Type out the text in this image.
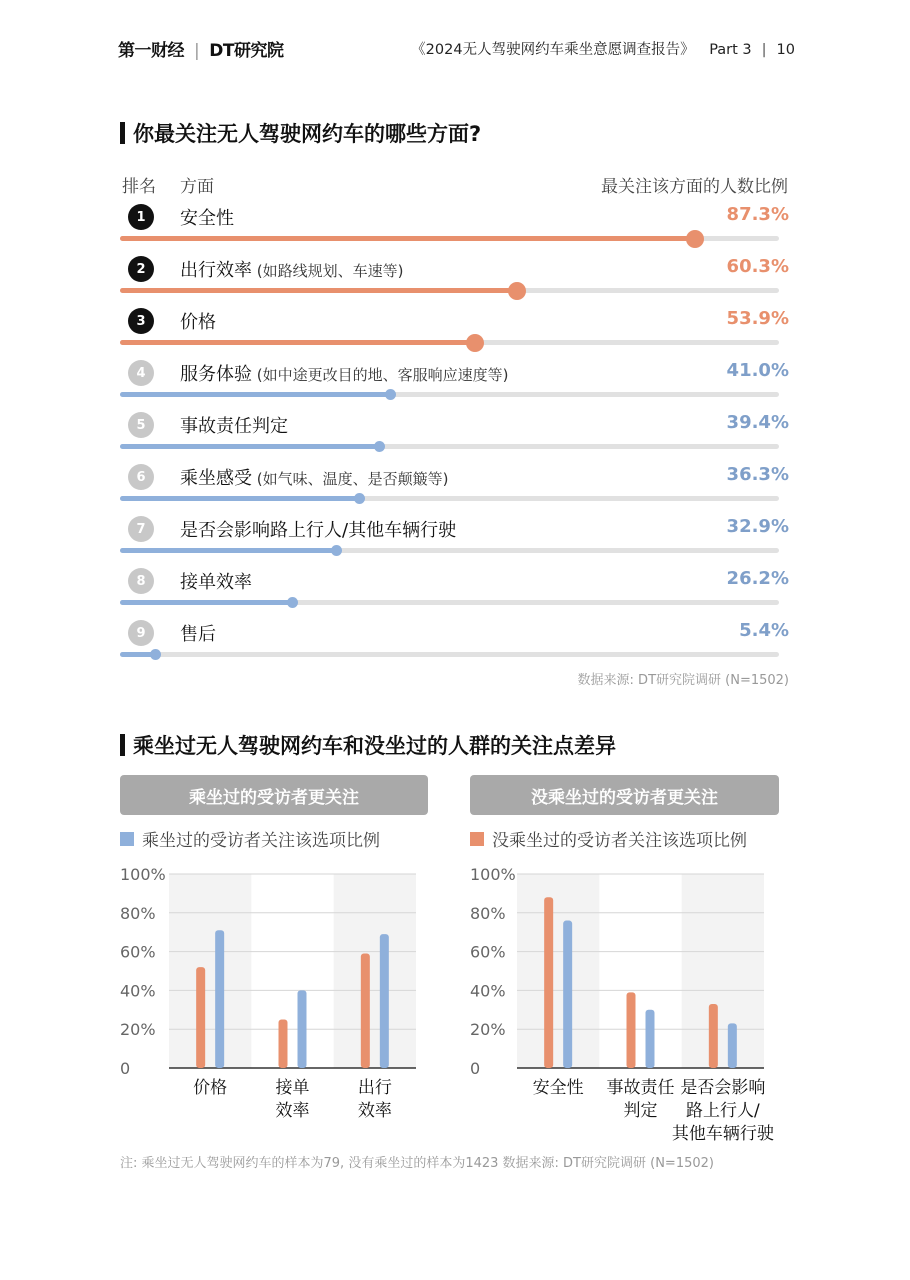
第一财经 | DT研究院	《2024无人驾驶网约车乘坐意愿调查报告》 Part 3 | 10
你最关注无人驾驶网约车的哪些方面?
排名 方面	最关注该方面的人数比例
1	安全性	87.3%
2	出行效率 (如路线规划、车速等)	60.3%
3	价格	53.9%
4	服务体验 (如中途更改目的地、客服响应速度等)	41.0%
5	事故责任判定	39.4%
6	乘坐感受 (如气味、温度、是否颠簸等)	36.3%
7	是否会影响路上行人/其他车辆行驶	32.9%
8	接单效率	26.2%
9	售后	5.4%
数据来源: DT研究院调研 (N=1502)
乘坐过无人驾驶网约车和没坐过的人群的关注点差异
乘坐过的受访者更关注	没乘坐过的受访者更关注
乘坐过的受访者关注该选项比例	没乘坐过的受访者关注该选项比例
100%
80%
60%
40%
20%
0
价格	接单
效率
出行
效率
100%
80%
60%
40%
20%
0
安全性 事故责任
判定
是否会影响
路上行人/
其他车辆行驶
注: 乘坐过无人驾驶网约车的样本为79, 没有乘坐过的样本为1423 数据来源: DT研究院调研 (N=1502)
